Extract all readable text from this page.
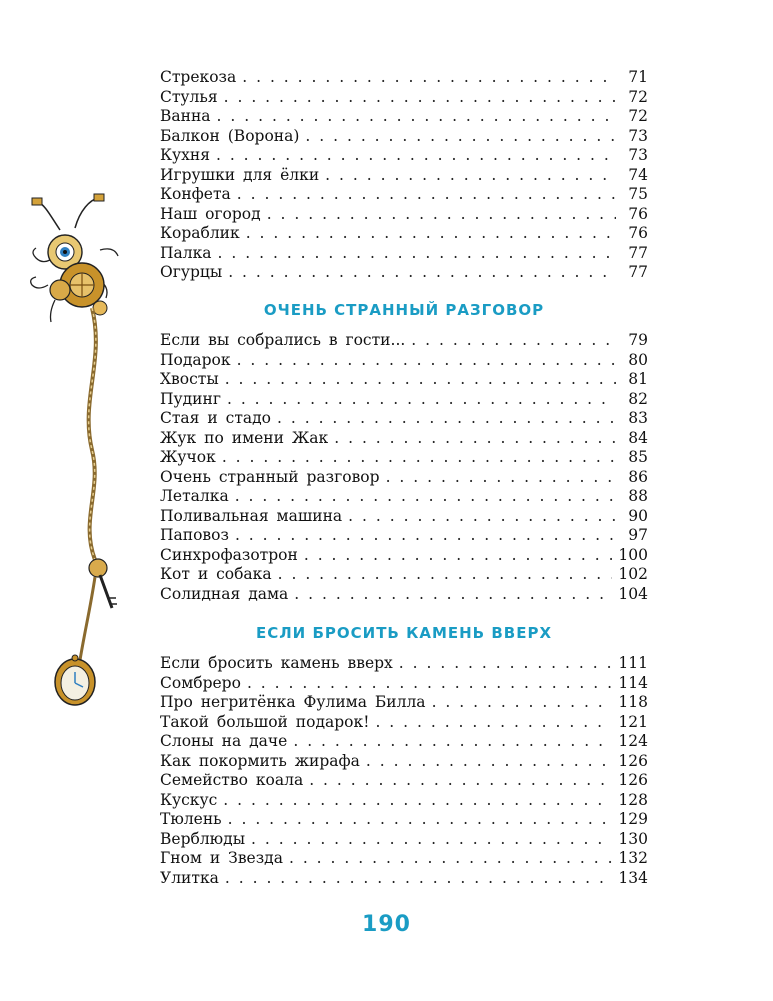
Стрекоза . . .	71
Стулья . . .	72
Ванна . . .	72
Балкон (Ворона) . . .	73
Кухня . . .	73
Игрушки для ёлки . . .	74
Конфета . . .	75
Наш огород . . .	76
Кораблик . . .	76
Палка . . .	77
Огурцы . . .	77
ОЧЕНЬ СТРАННЫЙ РАЗГОВОР
Если вы собрались в гости... . . .	79
Подарок . . .	80
Хвосты . . .	81
Пудинг . . .	82
Стая и стадо . . .	83
Жук по имени Жак . . .	84
Жучок . . .	85
Очень странный разговор . . .	86
Леталка . . .	88
Поливальная машина . . .	90
Паповоз . . .	97
Синхрофазотрон . . .	100
Кот и собака . . .	102
Солидная дама . . .	104
ЕСЛИ БРОСИТЬ КАМЕНЬ ВВЕРХ
Если бросить камень вверх . . .	111
Сомбреро . . .	114
Про негритёнка Фулима Билла . . .	118
Такой большой подарок! . . .	121
Слоны на даче . . .	124
Как покормить жирафа . . .	126
Семейство коала . . .	126
Кускус . . .	128
Тюлень . . .	129
Верблюды . . .	130
Гном и Звезда . . .	132
Улитка . . .	134
190
